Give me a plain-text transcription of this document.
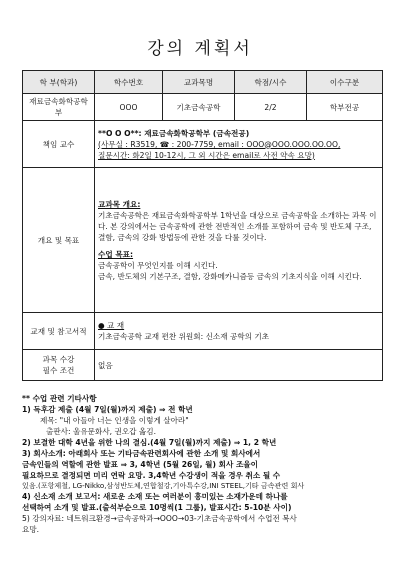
강의 계획서
학 부(학과)	학수번호	교과목명	학점/시수	이수구분
재료금속화학공학부	OOO	기초금속공학	2/2	학부전공
책임 교수	**O O O**: 재료금속화학공학부 (금속전공)
(사무실 : R3519, ☎ : 200-7759, email : OOO@OOO.OOO.OO.OO,
질문시간: 화2일 10-12시, 그 외 시간은 email로 사전 약속 요망)			

개요 및 목표	교과목 개요:
기초금속공학은 재료금속화학공학부 1학년을 대상으로 금속공학을 소개하는 과목 이다. 본 강의에서는 금속공학에 관한 전반적인 소개를 포함하여 금속 및 반도체 구조, 결함, 금속의 강화 방법등에 관한 것을 다룰 것이다.
수업 목표:
금속공학이 무엇인지를 이해 시킨다.
금속, 반도체의 기본구조, 결함, 강화메카니즘등 금속의 기초지식을 이해 시킨다.			

교재 및 참고서적	● 교 재
기초금속공학 교재 편찬 위원회: 신소재 공학의 기초			

과목 수강
필수 조건	없음			

** 수업 관련 기타사항

1) 독후감 제출 (4월 7일(월)까지 제출) ⇒ 전 학년

제목: "내 아들아 너는 인생을 이렇게 살아라"

출판사: 울유문화사, 권오갑 옮김.

2) 보결한 대학 4년을 위한 나의 결심.(4월 7일(월)까지 제출) ⇒ 1, 2 학년

3) 회사소개: 아래회사 또는 기타금속관련회사에 관한 소개 및 회사에서

금속인들의 역할에 관한 발표 ⇒ 3, 4학년 (5월 26일, 월) 회사 조율이

필요하므로 결정되면 미리 연락 요망. 3,4학년 수강생이 적을 경우 취소 될 수

있음.(포항제철, LG-Nikko,삼성반도체,연합철강,기아특수강,INI STEEL,기타 금속관련 회사

4) 신소재 소개 보고서: 새로운 소재 또는 여러분이 흥미있는 소재가운데 하나를

선택하여 소개 및 발표.(출석부순으로 10명씩(1 그룹), 발표시간: 5-10분 사이)

5) 강의자료: 네트워크환경→금속공학과→OOO→03-기초금속공학에서 수업전 복사

요망.
